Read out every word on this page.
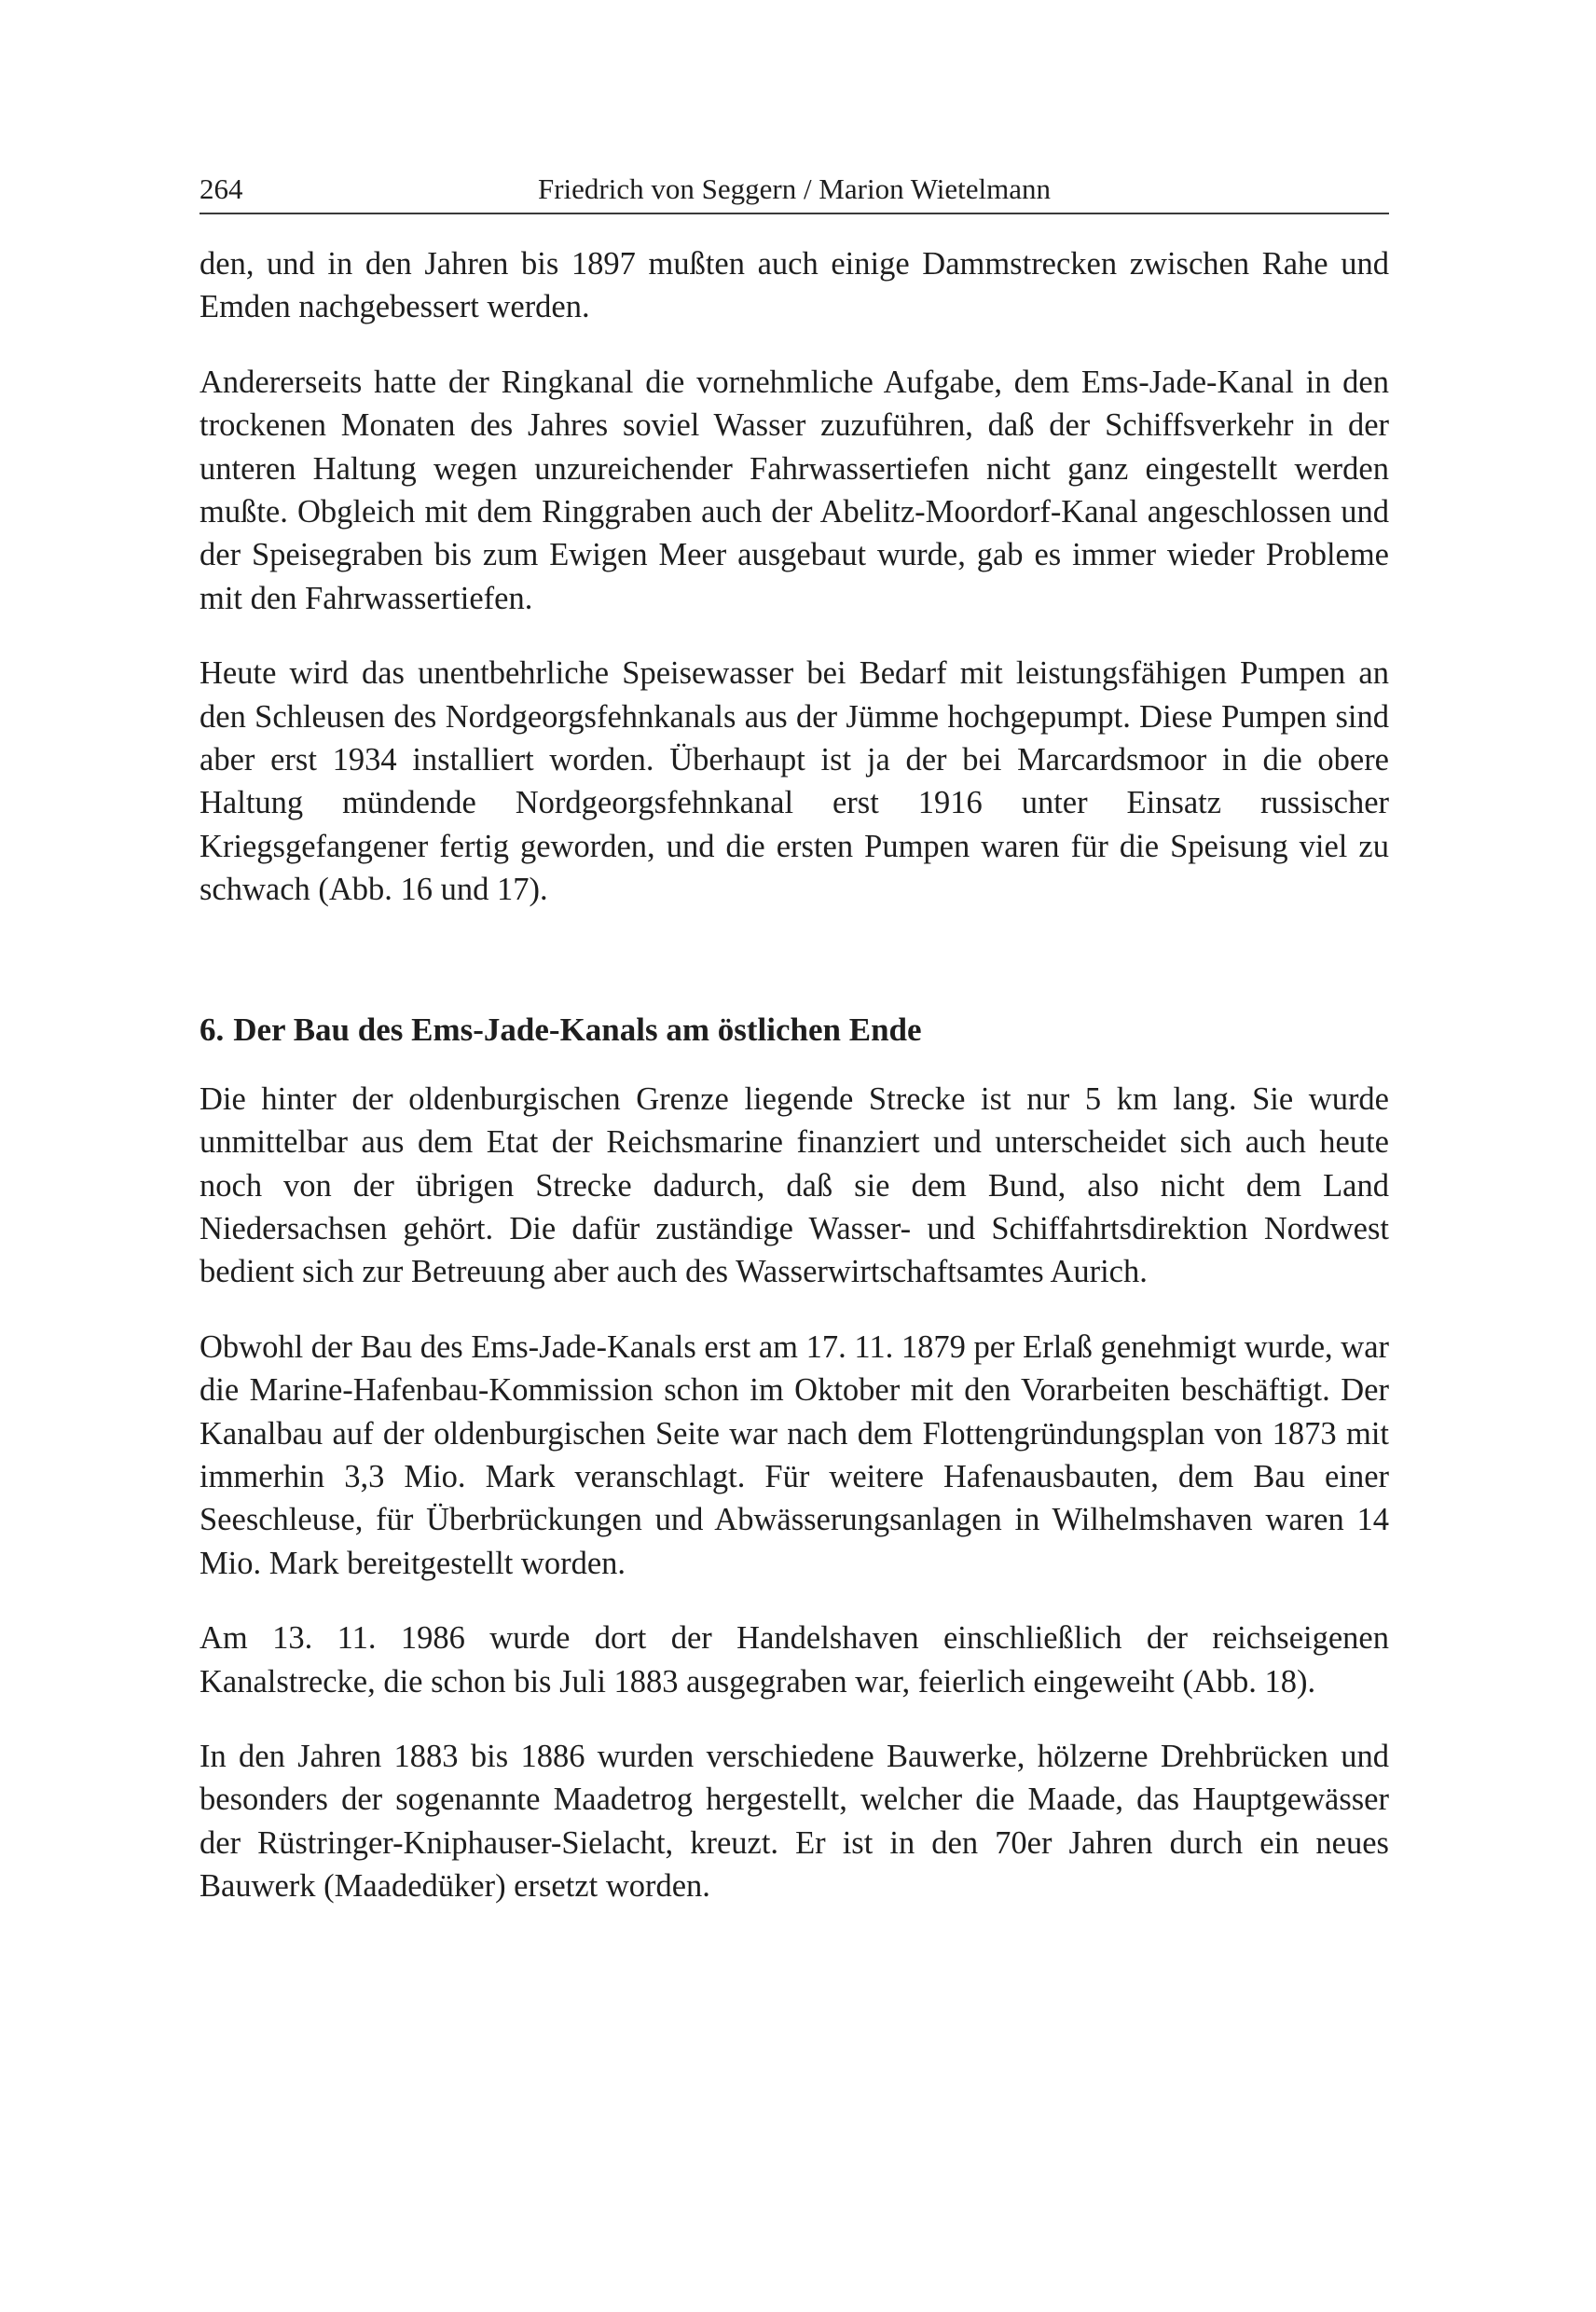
264	Friedrich von Seggern / Marion Wietelmann

den, und in den Jahren bis 1897 mußten auch einige Dammstrecken zwischen Rahe und Emden nachgebessert werden.

Andererseits hatte der Ringkanal die vornehmliche Aufgabe, dem Ems-Jade-Kanal in den trockenen Monaten des Jahres soviel Wasser zuzuführen, daß der Schiffsverkehr in der unteren Haltung wegen unzureichender Fahrwassertiefen nicht ganz eingestellt werden mußte. Obgleich mit dem Ringgraben auch der Abelitz-Moordorf-Kanal angeschlossen und der Speisegraben bis zum Ewigen Meer ausgebaut wurde, gab es immer wieder Probleme mit den Fahrwassertiefen.

Heute wird das unentbehrliche Speisewasser bei Bedarf mit leistungsfähigen Pumpen an den Schleusen des Nordgeorgsfehnkanals aus der Jümme hochgepumpt. Diese Pumpen sind aber erst 1934 installiert worden. Überhaupt ist ja der bei Marcardsmoor in die obere Haltung mündende Nordgeorgsfehnkanal erst 1916 unter Einsatz russischer Kriegsgefangener fertig geworden, und die ersten Pumpen waren für die Speisung viel zu schwach (Abb. 16 und 17).

6. Der Bau des Ems-Jade-Kanals am östlichen Ende

Die hinter der oldenburgischen Grenze liegende Strecke ist nur 5 km lang. Sie wurde unmittelbar aus dem Etat der Reichsmarine finanziert und unterscheidet sich auch heute noch von der übrigen Strecke dadurch, daß sie dem Bund, also nicht dem Land Niedersachsen gehört. Die dafür zuständige Wasser- und Schiffahrtsdirektion Nordwest bedient sich zur Betreuung aber auch des Wasserwirtschaftsamtes Aurich.

Obwohl der Bau des Ems-Jade-Kanals erst am 17. 11. 1879 per Erlaß genehmigt wurde, war die Marine-Hafenbau-Kommission schon im Oktober mit den Vorarbeiten beschäftigt. Der Kanalbau auf der oldenburgischen Seite war nach dem Flottengründungsplan von 1873 mit immerhin 3,3 Mio. Mark veranschlagt. Für weitere Hafenausbauten, dem Bau einer Seeschleuse, für Überbrückungen und Abwässerungsanlagen in Wilhelmshaven waren 14 Mio. Mark bereitgestellt worden.

Am 13. 11. 1986 wurde dort der Handelshaven einschließlich der reichseigenen Kanalstrecke, die schon bis Juli 1883 ausgegraben war, feierlich eingeweiht (Abb. 18).

In den Jahren 1883 bis 1886 wurden verschiedene Bauwerke, hölzerne Drehbrücken und besonders der sogenannte Maadetrog hergestellt, welcher die Maade, das Hauptgewässer der Rüstringer-Kniphauser-Sielacht, kreuzt. Er ist in den 70er Jahren durch ein neues Bauwerk (Maadedüker) ersetzt worden.
